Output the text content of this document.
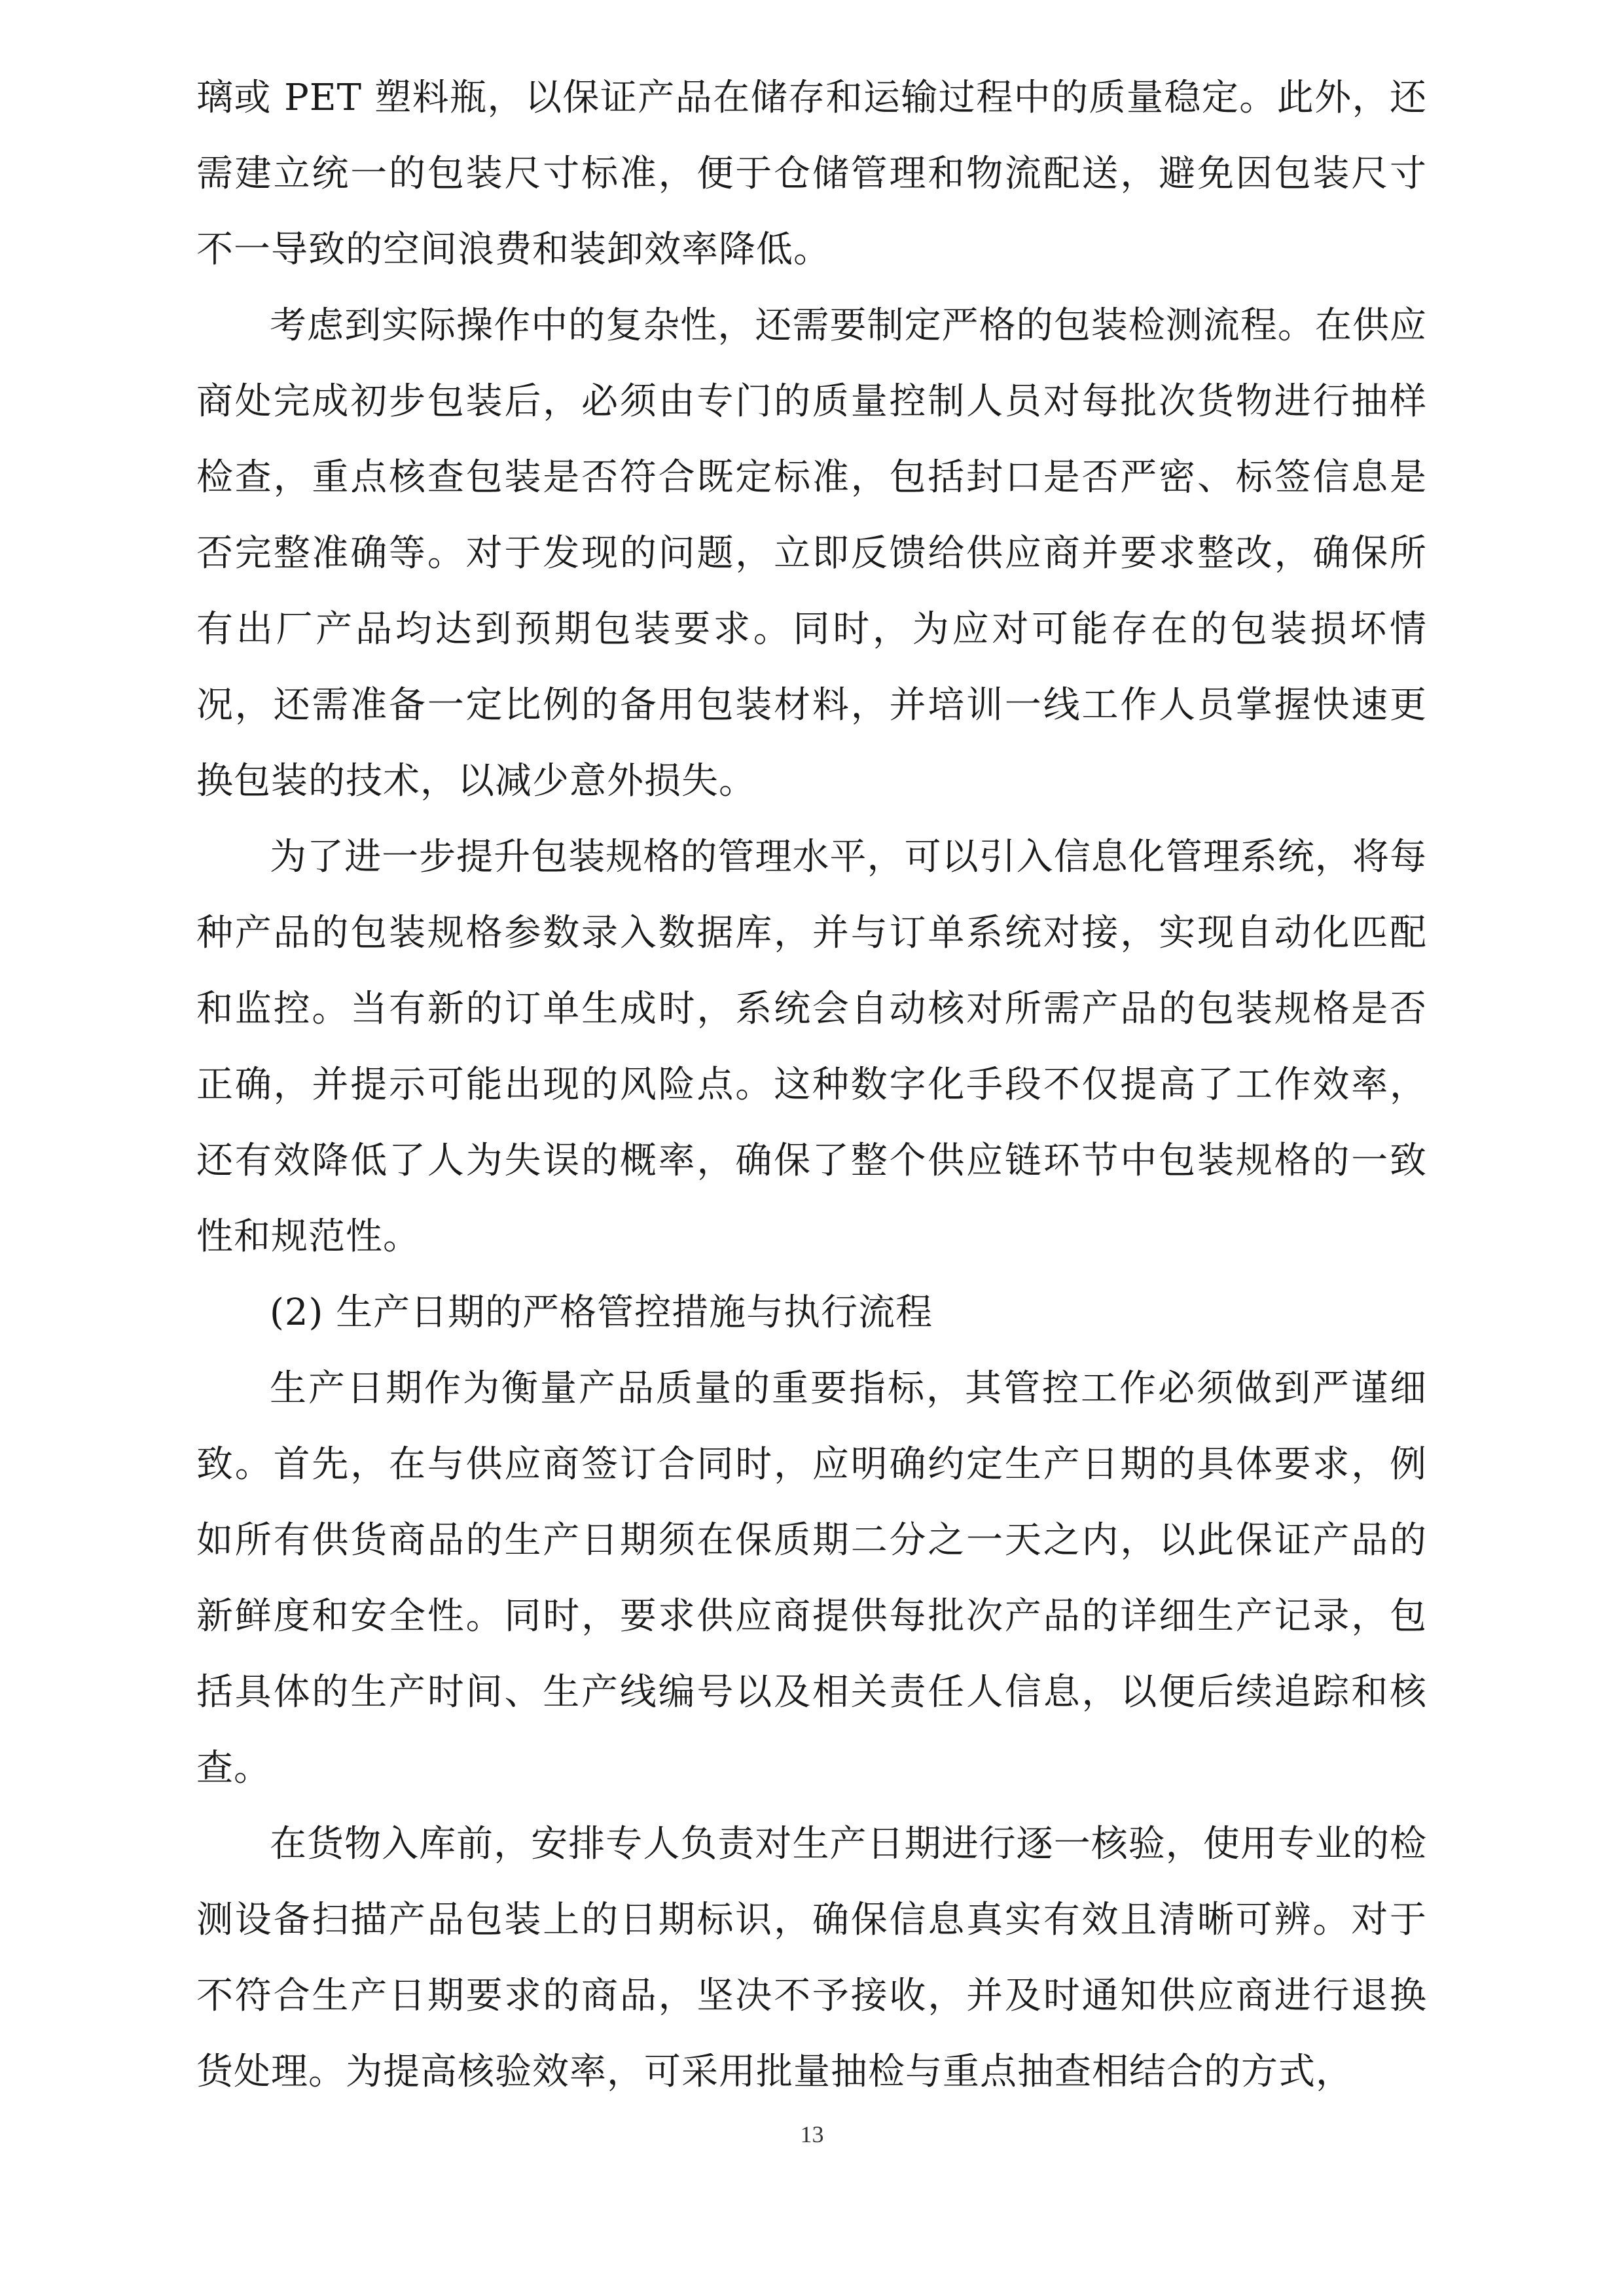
璃或 PET 塑料瓶，以保证产品在储存和运输过程中的质量稳定。此外，还需建立统一的包装尺寸标准，便于仓储管理和物流配送，避免因包装尺寸不一导致的空间浪费和装卸效率降低。

考虑到实际操作中的复杂性，还需要制定严格的包装检测流程。在供应商处完成初步包装后，必须由专门的质量控制人员对每批次货物进行抽样检查，重点核查包装是否符合既定标准，包括封口是否严密、标签信息是否完整准确等。对于发现的问题，立即反馈给供应商并要求整改，确保所有出厂产品均达到预期包装要求。同时，为应对可能存在的包装损坏情况，还需准备一定比例的备用包装材料，并培训一线工作人员掌握快速更换包装的技术，以减少意外损失。

为了进一步提升包装规格的管理水平，可以引入信息化管理系统，将每种产品的包装规格参数录入数据库，并与订单系统对接，实现自动化匹配和监控。当有新的订单生成时，系统会自动核对所需产品的包装规格是否正确，并提示可能出现的风险点。这种数字化手段不仅提高了工作效率，还有效降低了人为失误的概率，确保了整个供应链环节中包装规格的一致性和规范性。

(2) 生产日期的严格管控措施与执行流程

生产日期作为衡量产品质量的重要指标，其管控工作必须做到严谨细致。首先，在与供应商签订合同时，应明确约定生产日期的具体要求，例如所有供货商品的生产日期须在保质期二分之一天之内，以此保证产品的新鲜度和安全性。同时，要求供应商提供每批次产品的详细生产记录，包括具体的生产时间、生产线编号以及相关责任人信息，以便后续追踪和核查。

在货物入库前，安排专人负责对生产日期进行逐一核验，使用专业的检测设备扫描产品包装上的日期标识，确保信息真实有效且清晰可辨。对于不符合生产日期要求的商品，坚决不予接收，并及时通知供应商进行退换货处理。为提高核验效率，可采用批量抽检与重点抽查相结合的方式，

13
